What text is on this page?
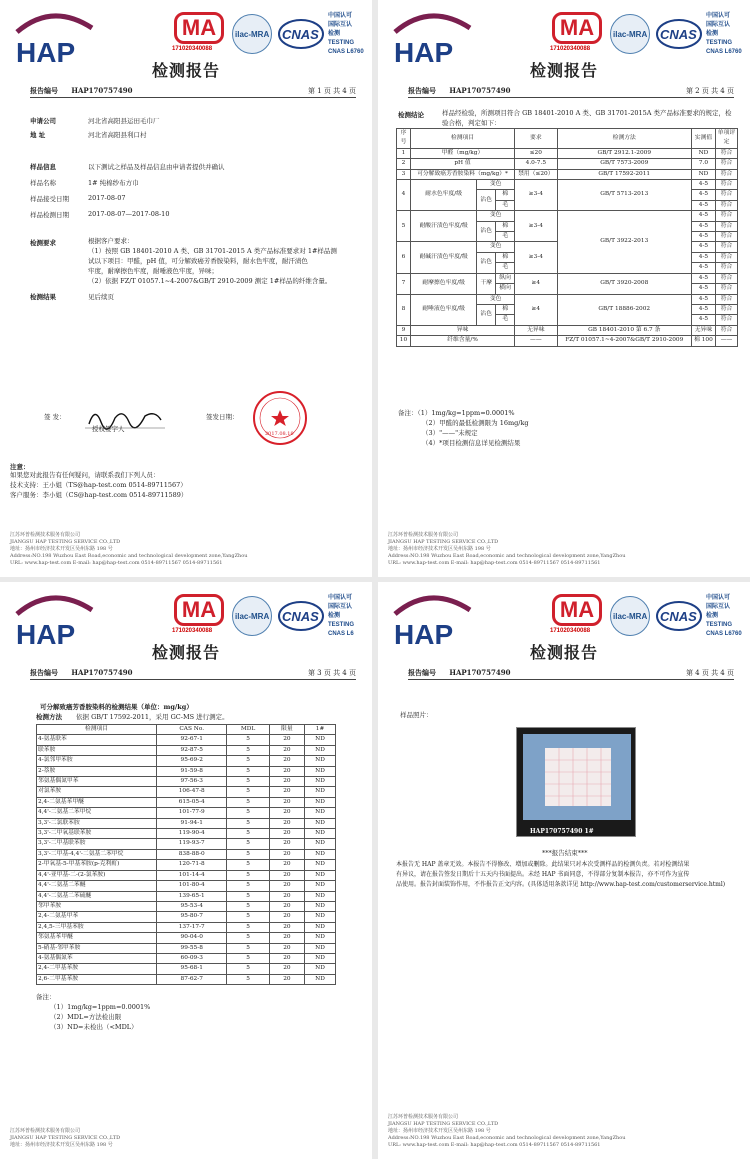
HAP
MA
171020340088
ilac-MRA CNAS
中国认可
国际互认
检测
TESTING
CNAS L6760
检测报告
报告编号 HAP170757490	第 1 页 共 4 页
申请公司	河北省高阳县运田毛巾厂
地 址	河北省高阳县利口村
样品信息	以下测试之样品及样品信息由申请者提供并确认
样品名称	1# 纯棉纱布方巾
样品接受日期	2017-08-07
样品检测日期	2017-08-07—2017-08-10
检测要求	根据客户要求：
（1）按照 GB 18401-2010 A 类、GB 31701-2015 A 类产品标准要求对 1#样品测
试以下项目：甲醛，pH 值，可分解致癌芳香胺染料，耐水色牢度，耐汗渍色
牢度，耐摩擦色牢度，耐唾液色牢度，异味；
（2）依据 FZ/T 01057.1~4-2007&GB/T 2910-2009 测定 1#样品的纤维含量。
检测结果	见后续页
签 发：
授权签字人
签发日期：
2017.08.10
注意：
如果您对此报告有任何疑问，请联系我们下列人员：
技术支持：王小姐（TS@hap-test.com 0514-89711567）
客户服务：李小姐（CS@hap-test.com 0514-89711589）
江苏环普检测技术服务有限公司
JIANGSU HAP TESTING SERVICE CO.,LTD
地址：扬州市经济技术开发区吴州东路 198 号
Address:NO.198 Wuzhou East Road,economic and technological development zone,YangZhou
URL: www.hap-test.com E-mail: hap@hap-test.com 0514-89711567 0514-89711561
HAP
MA
171020340088
ilac-MRA CNAS
中国认可
国际互认
检测
TESTING
CNAS L6760
检测报告
报告编号 HAP170757490	第 2 页 共 4 页
检测结论	样品经检验，所测项目符合 GB 18401-2010 A 类、GB 31701-2015A 类产品标准要求的规定，检验合格，判定如下：
序号	检测项目			要求	检测方法	实测值	单项评定
1	甲醛（mg/kg）			≤20	GB/T 2912.1-2009	ND	符合
2	pH 值			4.0-7.5	GB/T 7573-2009	7.0	符合
3	可分解致癌芳香胺染料（mg/kg）*			禁用（≤20）	GB/T 17592-2011	ND	符合
4	耐水色牢度/级	变色		≥3-4	GB/T 5713-2013	4-5	符合
		沾色	棉			4-5	符合
			毛			4-5	符合
5	耐酸汗渍色牢度/级	变色		≥3-4	GB/T 3922-2013	4-5	符合
		沾色	棉			4-5	符合
			毛			4-5	符合
6	耐碱汗渍色牢度/级	变色		≥3-4		4-5	符合
		沾色	棉			4-5	符合
			毛			4-5	符合
7	耐摩擦色牢度/级	干摩	纵向	≥4	GB/T 3920-2008	4-5	符合
			横向			4-5	符合
8	耐唾液色牢度/级	变色		≥4	GB/T 18886-2002	4-5	符合
		沾色	棉			4-5	符合
			毛			4-5	符合
9	异味			无异味	GB 18401-2010 第 6.7 条	无异味	符合
10	纤维含量/%			——	FZ/T 01057.1~4-2007&GB/T 2910-2009	棉 100	——
备注：（1）1mg/kg=1ppm=0.0001%
（2）甲醛的最低检测限为 16mg/kg
（3）"——"未规定
（4）*项目检测信息详见检测结果
江苏环普检测技术服务有限公司
JIANGSU HAP TESTING SERVICE CO.,LTD
地址：扬州市经济技术开发区吴州东路 198 号
Address:NO.198 Wuzhou East Road,economic and technological development zone,YangZhou
URL: www.hap-test.com E-mail: hap@hap-test.com 0514-89711567 0514-89711561
HAP
MA
171020340088
ilac-MRA CNAS
中国认可
国际互认
检测
TESTING
CNAS L6
检测报告
报告编号 HAP170757490	第 3 页 共 4 页
可分解致癌芳香胺染料的检测结果（单位：mg/kg）
检测方法 依据 GB/T 17592-2011，采用 GC-MS 进行测定。
检测项目	CAS No.	MDL	限量	1#
4-氨基联苯	92-67-1	5	20	ND
联苯胺	92-87-5	5	20	ND
4-氯邻甲苯胺	95-69-2	5	20	ND
2-萘胺	91-59-8	5	20	ND
邻氨基偶氮甲苯	97-56-3	5	20	ND
对氯苯胺	106-47-8	5	20	ND
2,4-二氨基苯甲醚	615-05-4	5	20	ND
4,4'-二氨基二苯甲烷	101-77-9	5	20	ND
3,3'-二氯联苯胺	91-94-1	5	20	ND
3,3'-二甲氧基联苯胺	119-90-4	5	20	ND
3,3'-二甲基联苯胺	119-93-7	5	20	ND
3,3'-二甲基-4,4'-二氨基二苯甲烷	838-88-0	5	20	ND
2-甲氧基-5-甲基苯胺(p-克利酊)	120-71-8	5	20	ND
4,4'-亚甲基-二-(2-氯苯胺)	101-14-4	5	20	ND
4,4'-二氨基二苯醚	101-80-4	5	20	ND
4,4'-二氨基二苯硫醚	139-65-1	5	20	ND
邻甲苯胺	95-53-4	5	20	ND
2,4-二氨基甲苯	95-80-7	5	20	ND
2,4,5-三甲基苯胺	137-17-7	5	20	ND
邻氨基苯甲醚	90-04-0	5	20	ND
5-硝基-邻甲苯胺	99-55-8	5	20	ND
4-氨基偶氮苯	60-09-3	5	20	ND
2,4-二甲基苯胺	95-68-1	5	20	ND
2,6-二甲基苯胺	87-62-7	5	20	ND
备注：
（1）1mg/kg=1ppm=0.0001%
（2）MDL=方法检出限
（3）ND=未检出（<MDL）
江苏环普检测技术服务有限公司
JIANGSU HAP TESTING SERVICE CO.,LTD
地址：扬州市经济技术开发区吴州东路 198 号
HAP
MA
171020340088
ilac-MRA CNAS
中国认可
国际互认
检测
TESTING
CNAS L6760
检测报告
报告编号 HAP170757490	第 4 页 共 4 页
样品照片：
HAP170757490 1#
***报告结束***
本报告无 HAP 盖章无效。本报告不得修改、增加或删除。此结果只对本次受测样品的检测负责。若对检测结果
有异议，请在报告签发日期后十五天内书面提出。未经 HAP 书面同意，不得部分复制本报告，亦不可作为宣传
品使用。报告封面装饰作用，不作报告正文内容。(具体适用条款详见 http://www.hap-test.com/customerservice.html)
江苏环普检测技术服务有限公司
JIANGSU HAP TESTING SERVICE CO.,LTD
地址：扬州市经济技术开发区吴州东路 198 号
Address:NO.198 Wuzhou East Road,economic and technological development zone,YangZhou
URL: www.hap-test.com E-mail: hap@hap-test.com 0514-89711567 0514-89711561
